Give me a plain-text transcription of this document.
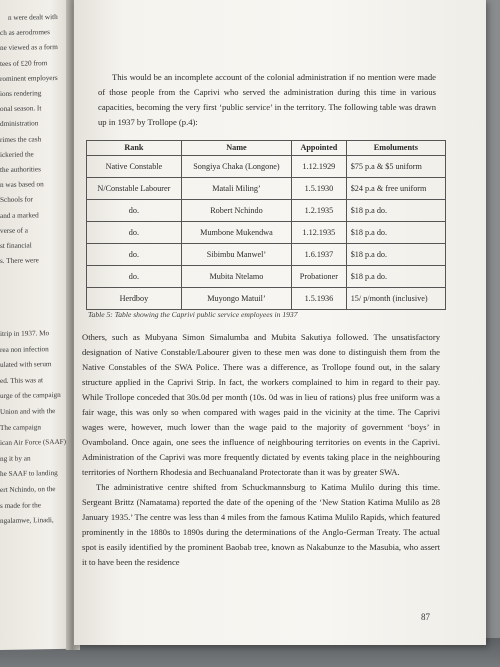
n were dealt with
ch as aerodromes
ne viewed as a form
tees of £20 from
rominent employers
ions rendering
onal season. It
dministration
rimes the cash
ickeried the
the authorities
n was based on
Schools for
and a marked
verse of a
st financial
s. There were
itrip in 1937. Mo
rea non infection
ulated with serum
ed. This was at
urge of the campaign
Union and with the
The campaign
ican Air Force (SAAF)
ng it by an
he SAAF to landing
ert Nchindo, on the
s made for the
ngalamwe, Linadi,

This would be an incomplete account of the colonial administration if no mention were made of those people from the Caprivi who served the administration during this time in various capacities, becoming the very first ‘public service’ in the territory. The following table was drawn up in 1937 by Trollope (p.4):

Rank	Name	Appointed	Emoluments
Native Constable	Songiya Chaka (Longone)	1.12.1929	$75 p.a & $5 uniform
N/Constable Labourer	Matali Miling’	1.5.1930	$24 p.a & free uniform
do.	Robert Nchindo	1.2.1935	$18 p.a do.
do.	Mumbone Mukendwa	1.12.1935	$18 p.a do.
do.	Sibimbu Manwel’	1.6.1937	$18 p.a do.
do.	Mubita Ntelamo	Probationer	$18 p.a do.
Herdboy	Muyongo Matuil’	1.5.1936	15/ p/month (inclusive)
Table 5: Table showing the Caprivi public service employees in 1937

Others, such as Mubyana Simon Simalumba and Mubita Sakutiya followed. The unsatisfactory designation of Native Constable/Labourer given to these men was done to distinguish them from the Native Constables of the SWA Police. There was a difference, as Trollope found out, in the salary structure applied in the Caprivi Strip. In fact, the workers complained to him in regard to their pay. While Trollope conceded that 30s.0d per month (10s. 0d was in lieu of rations) plus free uniform was a fair wage, this was only so when compared with wages paid in the vicinity at the time. The Caprivi wages were, however, much lower than the wage paid to the majority of government ‘boys’ in Ovamboland. Once again, one sees the influence of neighbouring territories on events in the Caprivi. Administration of the Caprivi was more frequently dictated by events taking place in the neighbouring territories of Northern Rhodesia and Bechuanaland Protectorate than it was by greater SWA.

The administrative centre shifted from Schuckmannsburg to Katima Mulilo during this time. Sergeant Brittz (Namatama) reported the date of the opening of the ‘New Station Katima Mulilo as 28 January 1935.’ The centre was less than 4 miles from the famous Katima Mulilo Rapids, which featured prominently in the 1880s to 1890s during the determinations of the Anglo-German Treaty. The actual spot is easily identified by the prominent Baobab tree, known as Nakabunze to the Masubia, who assert it to have been the residence

87
